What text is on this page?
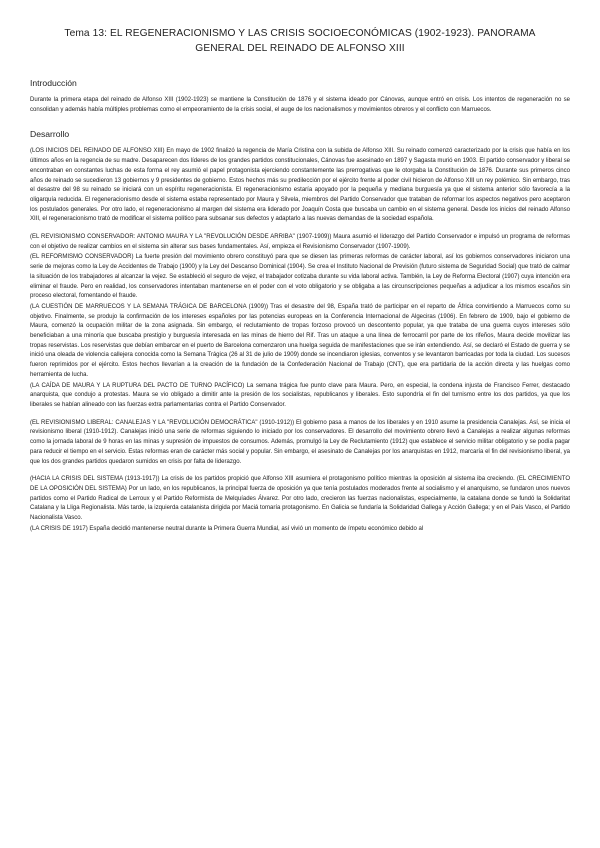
Tema 13: EL REGENERACIONISMO Y LAS CRISIS SOCIOECONÓMICAS (1902-1923). PANORAMA
GENERAL DEL REINADO DE ALFONSO XIII
Introducción

Durante la primera etapa del reinado de Alfonso XIII (1902-1923) se mantiene la Constitución de 1876 y el sistema ideado por Cánovas, aunque entró en crisis. Los intentos de regeneración no se consolidan y además había múltiples problemas como el empeoramiento de la crisis social, el auge de los nacionalismos y movimientos obreros y el conflicto con Marruecos.

Desarrollo

(LOS INICIOS DEL REINADO DE ALFONSO XIII) En mayo de 1902 finalizó la regencia de María Cristina con la subida de Alfonso XIII. Su reinado comenzó caracterizado por la crisis que había en los últimos años en la regencia de su madre. Desaparecen dos líderes de los grandes partidos constitucionales, Cánovas fue asesinado en 1897 y Sagasta murió en 1903. El partido conservador y liberal se encontraban en constantes luchas de esta forma el rey asumió el papel protagonista ejerciendo constantemente las prerrogativas que le otorgaba la Constitución de 1876. Durante sus primeros cinco años de reinado se sucedieron 13 gobiernos y 9 presidentes de gobierno. Estos hechos más su predilección por el ejército frente al poder civil hicieron de Alfonso XIII un rey polémico. Sin embargo, tras el desastre del 98 su reinado se iniciará con un espíritu regeneracionista. El regeneracionismo estaría apoyado por la pequeña y mediana burguesía ya que el sistema anterior sólo favorecía a la oligarquía reducida. El regeneracionismo desde el sistema estaba representado por Maura y Silvela, miembros del Partido Conservador que trataban de reformar los aspectos negativos pero aceptaron los postulados generales. Por otro lado, el regeneracionismo al margen del sistema era liderado por Joaquín Costa que buscaba un cambio en el sistema general. Desde los inicios del reinado Alfonso XIII, el regeneracionismo trató de modificar el sistema político para subsanar sus defectos y adaptarlo a las nuevas demandas de la sociedad española.

(EL REVISIONISMO CONSERVADOR: ANTONIO MAURA Y LA "REVOLUCIÓN DESDE ARRIBA" (1907-1909)) Maura asumió el liderazgo del Partido Conservador e impulsó un programa de reformas con el objetivo de realizar cambios en el sistema sin alterar sus bases fundamentales. Así, empieza el Revisionismo Conservador (1907-1909).

(EL REFORMISMO CONSERVADOR) La fuerte presión del movimiento obrero constituyó para que se diesen las primeras reformas de carácter laboral, así los gobiernos conservadores iniciaron una serie de mejoras como la Ley de Accidentes de Trabajo (1900) y la Ley del Descanso Dominical (1904). Se crea el Instituto Nacional de Previsión (futuro sistema de Seguridad Social) que trató de calmar la situación de los trabajadores al alcanzar la vejez. Se estableció el seguro de vejez, el trabajador cotizaba durante su vida laboral activa. También, la Ley de Reforma Electoral (1907) cuya intención era eliminar el fraude. Pero en realidad, los conservadores intentaban mantenerse en el poder con el voto obligatorio y se obligaba a las circunscripciones pequeñas a adjudicar a los mismos escaños sin proceso electoral, fomentando el fraude.

(LA CUESTIÓN DE MARRUECOS Y LA SEMANA TRÁGICA DE BARCELONA (1909)) Tras el desastre del 98, España trató de participar en el reparto de África convirtiendo a Marruecos como su objetivo. Finalmente, se produjo la confirmación de los intereses españoles por las potencias europeas en la Conferencia Internacional de Algeciras (1906). En febrero de 1909, bajo el gobierno de Maura, comenzó la ocupación militar de la zona asignada. Sin embargo, el reclutamiento de tropas forzoso provocó un descontento popular, ya que trataba de una guerra cuyos intereses sólo beneficiaban a una minoría que buscaba prestigio y burguesía interesada en las minas de hierro del Rif. Tras un ataque a una línea de ferrocarril por parte de los rifeños, Maura decide movilizar las tropas reservistas. Los reservistas que debían embarcar en el puerto de Barcelona comenzaron una huelga seguida de manifestaciones que se irán extendiendo. Así, se declaró el Estado de guerra y se inició una oleada de violencia callejera conocida como la Semana Trágica (26 al 31 de julio de 1909) donde se incendiaron iglesias, conventos y se levantaron barricadas por toda la ciudad. Los sucesos fueron reprimidos por el ejército. Estos hechos llevarían a la creación de la fundación de la Confederación Nacional de Trabajo (CNT), que era partidaria de la acción directa y las huelgas como herramienta de lucha.

(LA CAÍDA DE MAURA Y LA RUPTURA DEL PACTO DE TURNO PACÍFICO) La semana trágica fue punto clave para Maura. Pero, en especial, la condena injusta de Francisco Ferrer, destacado anarquista, que condujo a protestas. Maura se vio obligado a dimitir ante la presión de los socialistas, republicanos y liberales. Esto supondría el fin del turnismo entre los dos partidos, ya que los liberales se habían alineado con las fuerzas extra parlamentarias contra el Partido Conservador.

(EL REVISIONISMO LIBERAL: CANALEJAS Y LA "REVOLUCIÓN DEMOCRÁTICA" (1910-1912)) El gobierno pasa a manos de los liberales y en 1910 asume la presidencia Canalejas. Así, se inicia el revisionismo liberal (1910-1912). Canalejas inició una serie de reformas siguiendo lo iniciado por los conservadores. El desarrollo del movimiento obrero llevó a Canalejas a realizar algunas reformas como la jornada laboral de 9 horas en las minas y supresión de impuestos de consumos. Además, promulgó la Ley de Reclutamiento (1912) que establece el servicio militar obligatorio y se podía pagar para reducir el tiempo en el servicio. Estas reformas eran de carácter más social y popular. Sin embargo, el asesinato de Canalejas por los anarquistas en 1912, marcaría el fin del revisionismo liberal, ya que los dos grandes partidos quedaron sumidos en crisis por falta de liderazgo.

(HACIA LA CRISIS DEL SISTEMA (1913-1917)) La crisis de los partidos propició que Alfonso XIII asumiera el protagonismo político mientras la oposición al sistema iba creciendo. (EL CRECIMIENTO DE LA OPOSICIÓN DEL SISTEMA) Por un lado, en los republicanos, la principal fuerza de oposición ya que tenía postulados moderados frente al socialismo y el anarquismo, se fundaron unos nuevos partidos como el Partido Radical de Lerroux y el Partido Reformista de Melquíades Álvarez. Por otro lado, crecieron las fuerzas nacionalistas, especialmente, la catalana donde se fundó la Solidaritat Catalana y la Lliga Regionalista. Más tarde, la izquierda catalanista dirigida por Maciá tomaría protagonismo. En Galicia se fundaría la Solidaridad Gallega y Acción Gallega; y en el País Vasco, el Partido Nacionalista Vasco.

(LA CRISIS DE 1917) España decidió mantenerse neutral durante la Primera Guerra Mundial, así vivió un momento de ímpetu económico debido al
